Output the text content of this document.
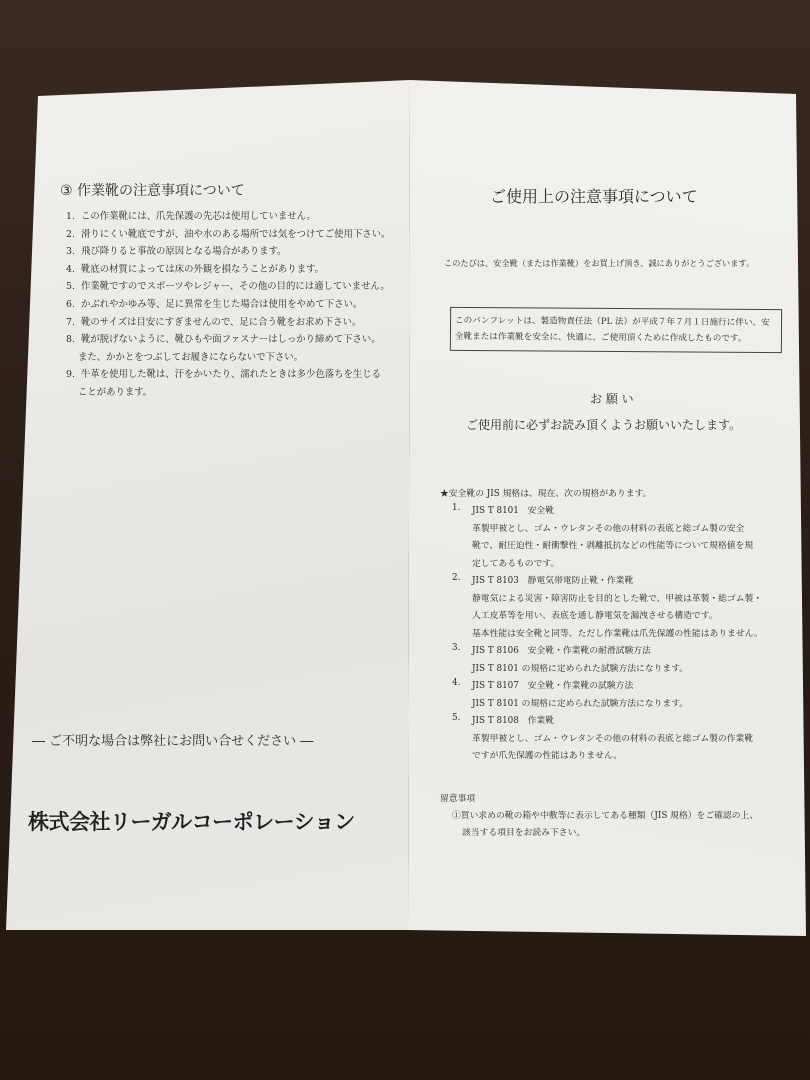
③ 作業靴の注意事項について
1. この作業靴には、爪先保護の先芯は使用していません。
2. 滑りにくい靴底ですが、油や水のある場所では気をつけてご使用下さい。
3. 飛び降りると事故の原因となる場合があります。
4. 靴底の材質によっては床の外観を損なうことがあります。
5. 作業靴ですのでスポーツやレジャー、その他の目的には適していません。
6. かぶれやかゆみ等、足に異常を生じた場合は使用をやめて下さい。
7. 靴のサイズは目安にすぎませんので、足に合う靴をお求め下さい。
8. 靴が脱げないように、靴ひもや面ファスナーはしっかり締めて下さい。
また、かかとをつぶしてお履きにならないで下さい。
9. 牛革を使用した靴は、汗をかいたり、濡れたときは多少色落ちを生じる
ことがあります。
― ご不明な場合は弊社にお問い合せください ―
株式会社リーガルコーポレーション
ご使用上の注意事項について
このたびは、安全靴（または作業靴）をお買上げ頂き、誠にありがとうございます。
このパンフレットは、製造物責任法（PL 法）が平成７年７月１日施行に伴い、安全靴または作業靴を安全に、快適に、ご使用頂くために作成したものです。
お 願 い
ご使用前に必ずお読み頂くようお願いいたします。
★安全靴の JIS 規格は、現在、次の規格があります。
1. JIS T 8101　安全靴
革製甲被とし、ゴム・ウレタンその他の材料の表底と総ゴム製の安全
靴で、耐圧迫性・耐衝撃性・剥離抵抗などの性能等について規格値を規
定してあるものです。
2. JIS T 8103　静電気帯電防止靴・作業靴
静電気による災害・障害防止を目的とした靴で、甲被は革製・総ゴム製・
人工皮革等を用い、表底を通し静電気を漏洩させる構造です。
基本性能は安全靴と同等、ただし作業靴は爪先保護の性能はありません。
3. JIS T 8106　安全靴・作業靴の耐滑試験方法
JIS T 8101 の規格に定められた試験方法になります。
4. JIS T 8107　安全靴・作業靴の試験方法
JIS T 8101 の規格に定められた試験方法になります。
5. JIS T 8108　作業靴
革製甲被とし、ゴム・ウレタンその他の材料の表底と総ゴム製の作業靴
ですが爪先保護の性能はありません。
留意事項
①買い求めの靴の箱や中敷等に表示してある種類（JIS 規格）をご確認の上、
該当する項目をお読み下さい。
